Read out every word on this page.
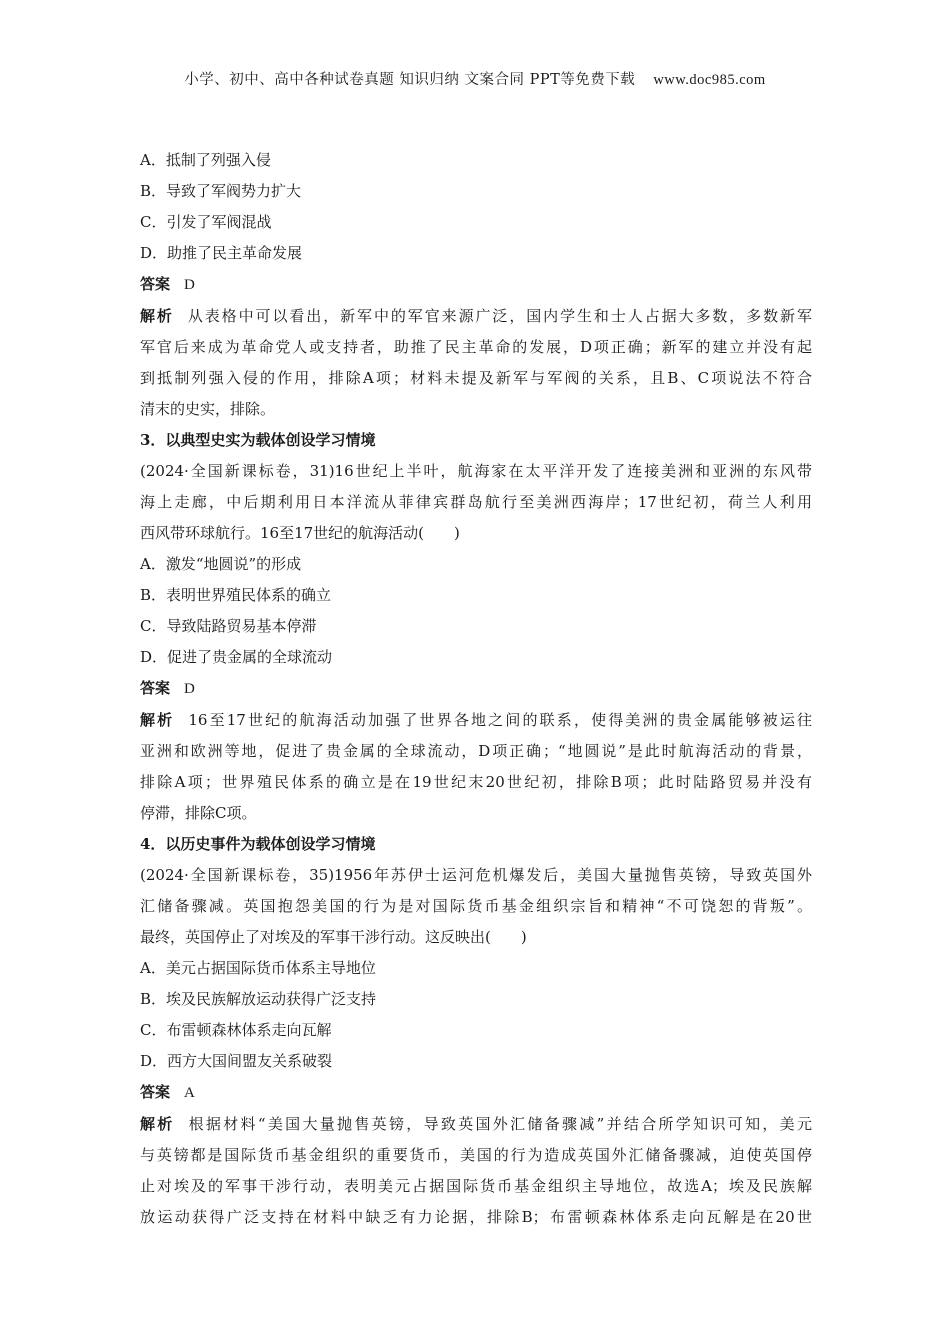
小学、初中、高中各种试卷真题 知识归纳 文案合同 PPT等免费下载 www.doc985.com
A．抵制了列强入侵
B．导致了军阀势力扩大
C．引发了军阀混战
D．助推了民主革命发展
答案 D
解析 从表格中可以看出，新军中的军官来源广泛，国内学生和士人占据大多数，多数新军
军官后来成为革命党人或支持者，助推了民主革命的发展，D项正确；新军的建立并没有起
到抵制列强入侵的作用，排除A项；材料未提及新军与军阀的关系，且B、C项说法不符合
清末的史实，排除。
3．以典型史实为载体创设学习情境
(2024·全国新课标卷，31)16世纪上半叶，航海家在太平洋开发了连接美洲和亚洲的东风带
海上走廊，中后期利用日本洋流从菲律宾群岛航行至美洲西海岸；17世纪初，荷兰人利用
西风带环球航行。16至17世纪的航海活动(　　)
A．激发“地圆说”的形成
B．表明世界殖民体系的确立
C．导致陆路贸易基本停滞
D．促进了贵金属的全球流动
答案 D
解析 16至17世纪的航海活动加强了世界各地之间的联系，使得美洲的贵金属能够被运往
亚洲和欧洲等地，促进了贵金属的全球流动，D项正确；“地圆说”是此时航海活动的背景，
排除A项；世界殖民体系的确立是在19世纪末20世纪初，排除B项；此时陆路贸易并没有
停滞，排除C项。
4．以历史事件为载体创设学习情境
(2024·全国新课标卷，35)1956年苏伊士运河危机爆发后，美国大量抛售英镑，导致英国外
汇储备骤减。英国抱怨美国的行为是对国际货币基金组织宗旨和精神“不可饶恕的背叛”。
最终，英国停止了对埃及的军事干涉行动。这反映出(　　)
A．美元占据国际货币体系主导地位
B．埃及民族解放运动获得广泛支持
C．布雷顿森林体系走向瓦解
D．西方大国间盟友关系破裂
答案 A
解析 根据材料“美国大量抛售英镑，导致英国外汇储备骤减”并结合所学知识可知，美元
与英镑都是国际货币基金组织的重要货币，美国的行为造成英国外汇储备骤减，迫使英国停
止对埃及的军事干涉行动，表明美元占据国际货币基金组织主导地位，故选A；埃及民族解
放运动获得广泛支持在材料中缺乏有力论据，排除B；布雷顿森林体系走向瓦解是在20世
